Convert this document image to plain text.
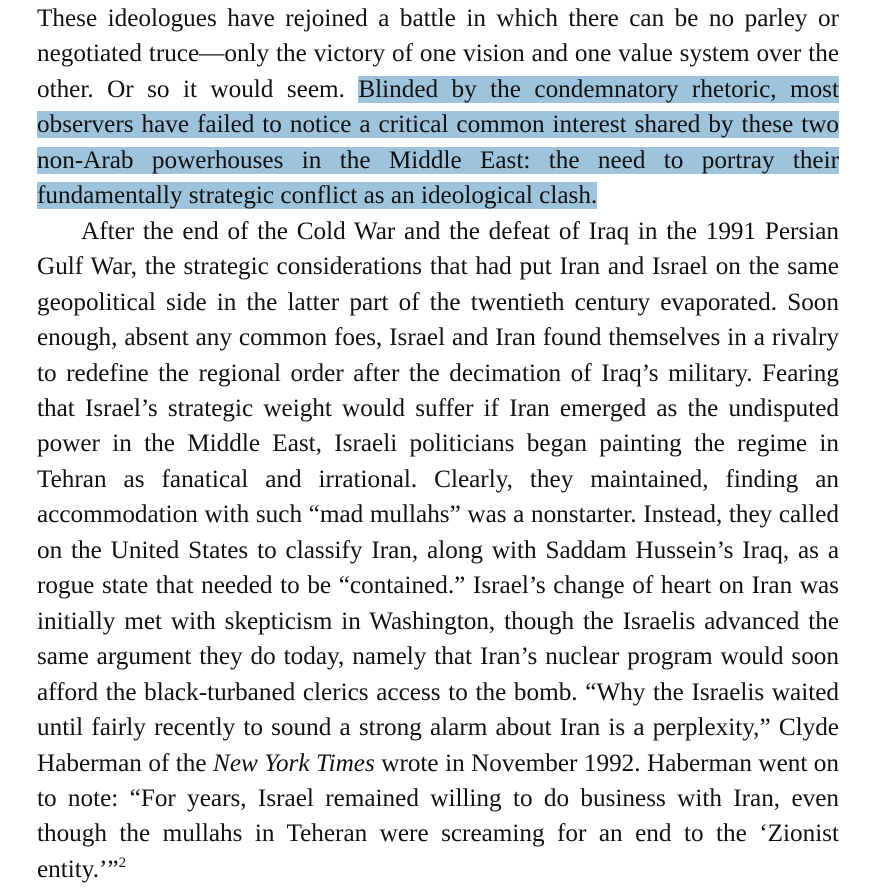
These ideologues have rejoined a battle in which there can be no parley or negotiated truce—only the victory of one vision and one value system over the other. Or so it would seem. Blinded by the condemnatory rhetoric, most observers have failed to notice a critical common interest shared by these two non-Arab powerhouses in the Middle East: the need to portray their fundamentally strategic conflict as an ideological clash.

After the end of the Cold War and the defeat of Iraq in the 1991 Persian Gulf War, the strategic considerations that had put Iran and Israel on the same geopolitical side in the latter part of the twentieth century evaporated. Soon enough, absent any common foes, Israel and Iran found themselves in a rivalry to redefine the regional order after the decimation of Iraq’s military. Fearing that Israel’s strategic weight would suffer if Iran emerged as the undisputed power in the Middle East, Israeli politicians began painting the regime in Tehran as fanatical and irrational. Clearly, they maintained, finding an accommodation with such “mad mullahs” was a nonstarter. Instead, they called on the United States to classify Iran, along with Saddam Hussein’s Iraq, as a rogue state that needed to be “contained.” Israel’s change of heart on Iran was initially met with skepticism in Washington, though the Israelis advanced the same argument they do today, namely that Iran’s nuclear program would soon afford the black-turbaned clerics access to the bomb. “Why the Israelis waited until fairly recently to sound a strong alarm about Iran is a perplexity,” Clyde Haberman of the New York Times wrote in November 1992. Haberman went on to note: “For years, Israel remained willing to do business with Iran, even though the mullahs in Teheran were screaming for an end to the ‘Zionist entity.’”$^2$
